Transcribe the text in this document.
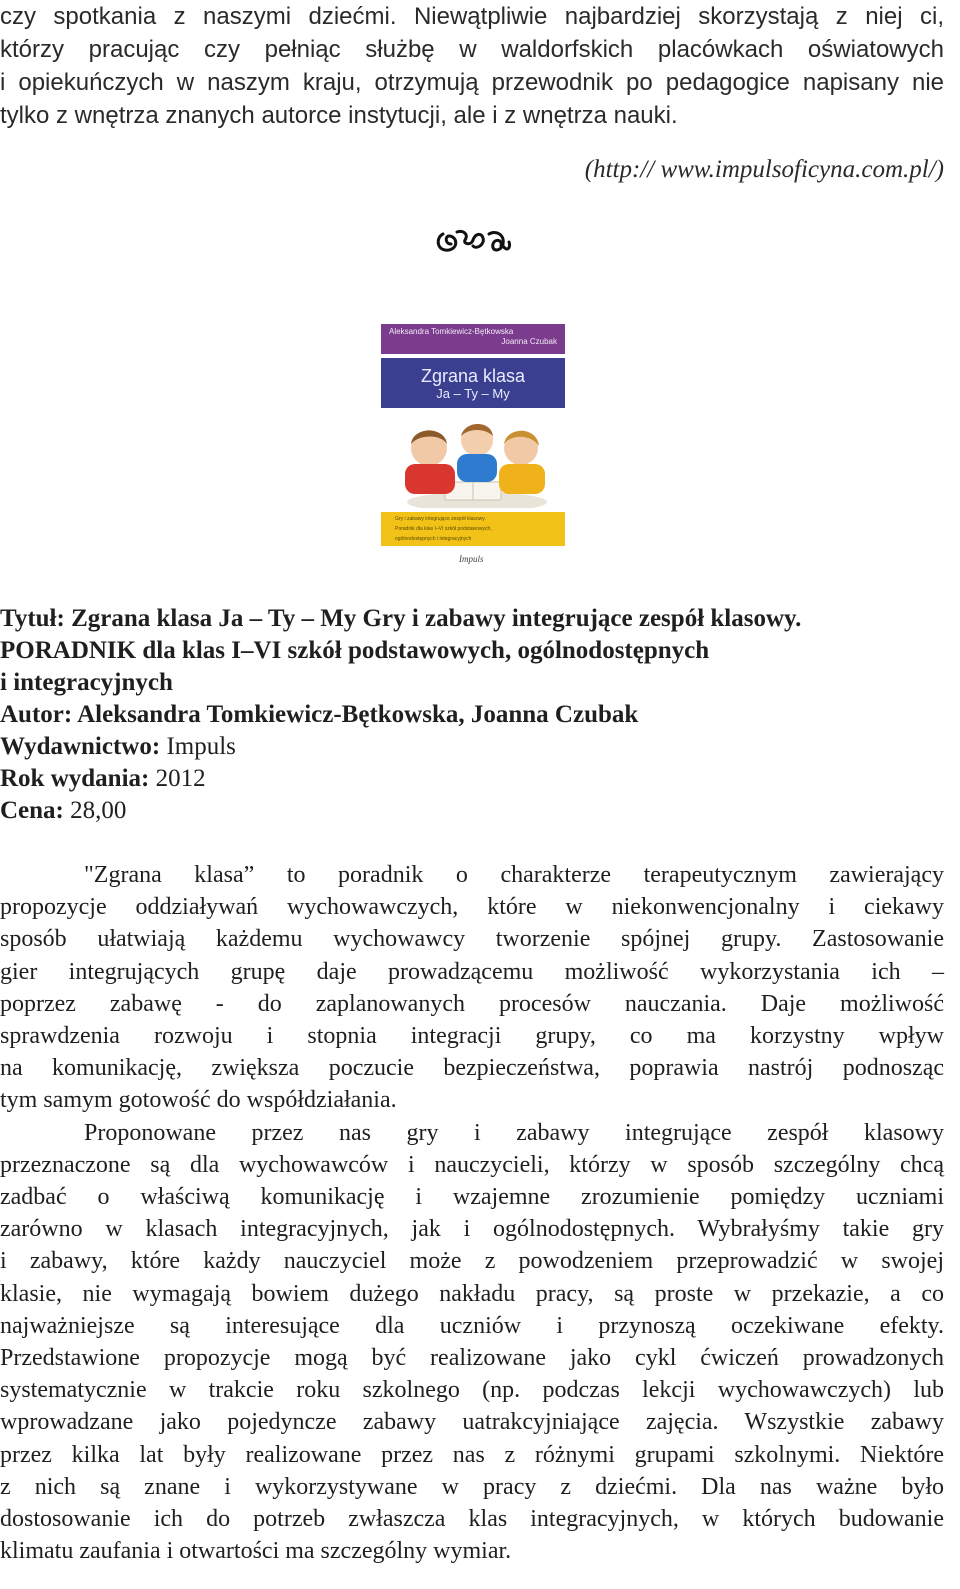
czy spotkania z naszymi dziećmi. Niewątpliwie najbardziej skorzystają z niej ci,
którzy pracując czy pełniąc służbę w waldorfskich placówkach oświatowych
i opiekuńczych w naszym kraju, otrzymują przewodnik po pedagogice napisany nie
tylko z wnętrza znanych autorce instytucji, ale i z wnętrza nauki.
(http:// www.impulsoficyna.com.pl/)
Aleksandra Tomkiewicz-Bętkowska
Joanna Czubak
Zgrana klasa
Ja – Ty – My
Gry i zabawy integrujące zespół klasowy.
Poradnik dla klas I–VI szkół podstawowych,
ogólnodostępnych i integracyjnych
Impuls
Tytuł: Zgrana klasa Ja – Ty – My Gry i zabawy integrujące zespół klasowy.
PORADNIK dla klas I–VI szkół podstawowych, ogólnodostępnych
i integracyjnych
Autor: Aleksandra Tomkiewicz-Bętkowska, Joanna Czubak
Wydawnictwo: Impuls
Rok wydania: 2012
Cena: 28,00
"Zgrana klasa” to poradnik o charakterze terapeutycznym zawierający
propozycje oddziaływań wychowawczych, które w niekonwencjonalny i ciekawy
sposób ułatwiają każdemu wychowawcy tworzenie spójnej grupy. Zastosowanie
gier integrujących grupę daje prowadzącemu możliwość wykorzystania ich –
poprzez zabawę - do zaplanowanych procesów nauczania. Daje możliwość
sprawdzenia rozwoju i stopnia integracji grupy, co ma korzystny wpływ
na komunikację, zwiększa poczucie bezpieczeństwa, poprawia nastrój podnosząc
tym samym gotowość do współdziałania.
Proponowane przez nas gry i zabawy integrujące zespół klasowy
przeznaczone są dla wychowawców i nauczycieli, którzy w sposób szczególny chcą
zadbać o właściwą komunikację i wzajemne zrozumienie pomiędzy uczniami
zarówno w klasach integracyjnych, jak i ogólnodostępnych. Wybrałyśmy takie gry
i zabawy, które każdy nauczyciel może z powodzeniem przeprowadzić w swojej
klasie, nie wymagają bowiem dużego nakładu pracy, są proste w przekazie, a co
najważniejsze są interesujące dla uczniów i przynoszą oczekiwane efekty.
Przedstawione propozycje mogą być realizowane jako cykl ćwiczeń prowadzonych
systematycznie w trakcie roku szkolnego (np. podczas lekcji wychowawczych) lub
wprowadzane jako pojedyncze zabawy uatrakcyjniające zajęcia. Wszystkie zabawy
przez kilka lat były realizowane przez nas z różnymi grupami szkolnymi. Niektóre
z nich są znane i wykorzystywane w pracy z dziećmi. Dla nas ważne było
dostosowanie ich do potrzeb zwłaszcza klas integracyjnych, w których budowanie
klimatu zaufania i otwartości ma szczególny wymiar.
